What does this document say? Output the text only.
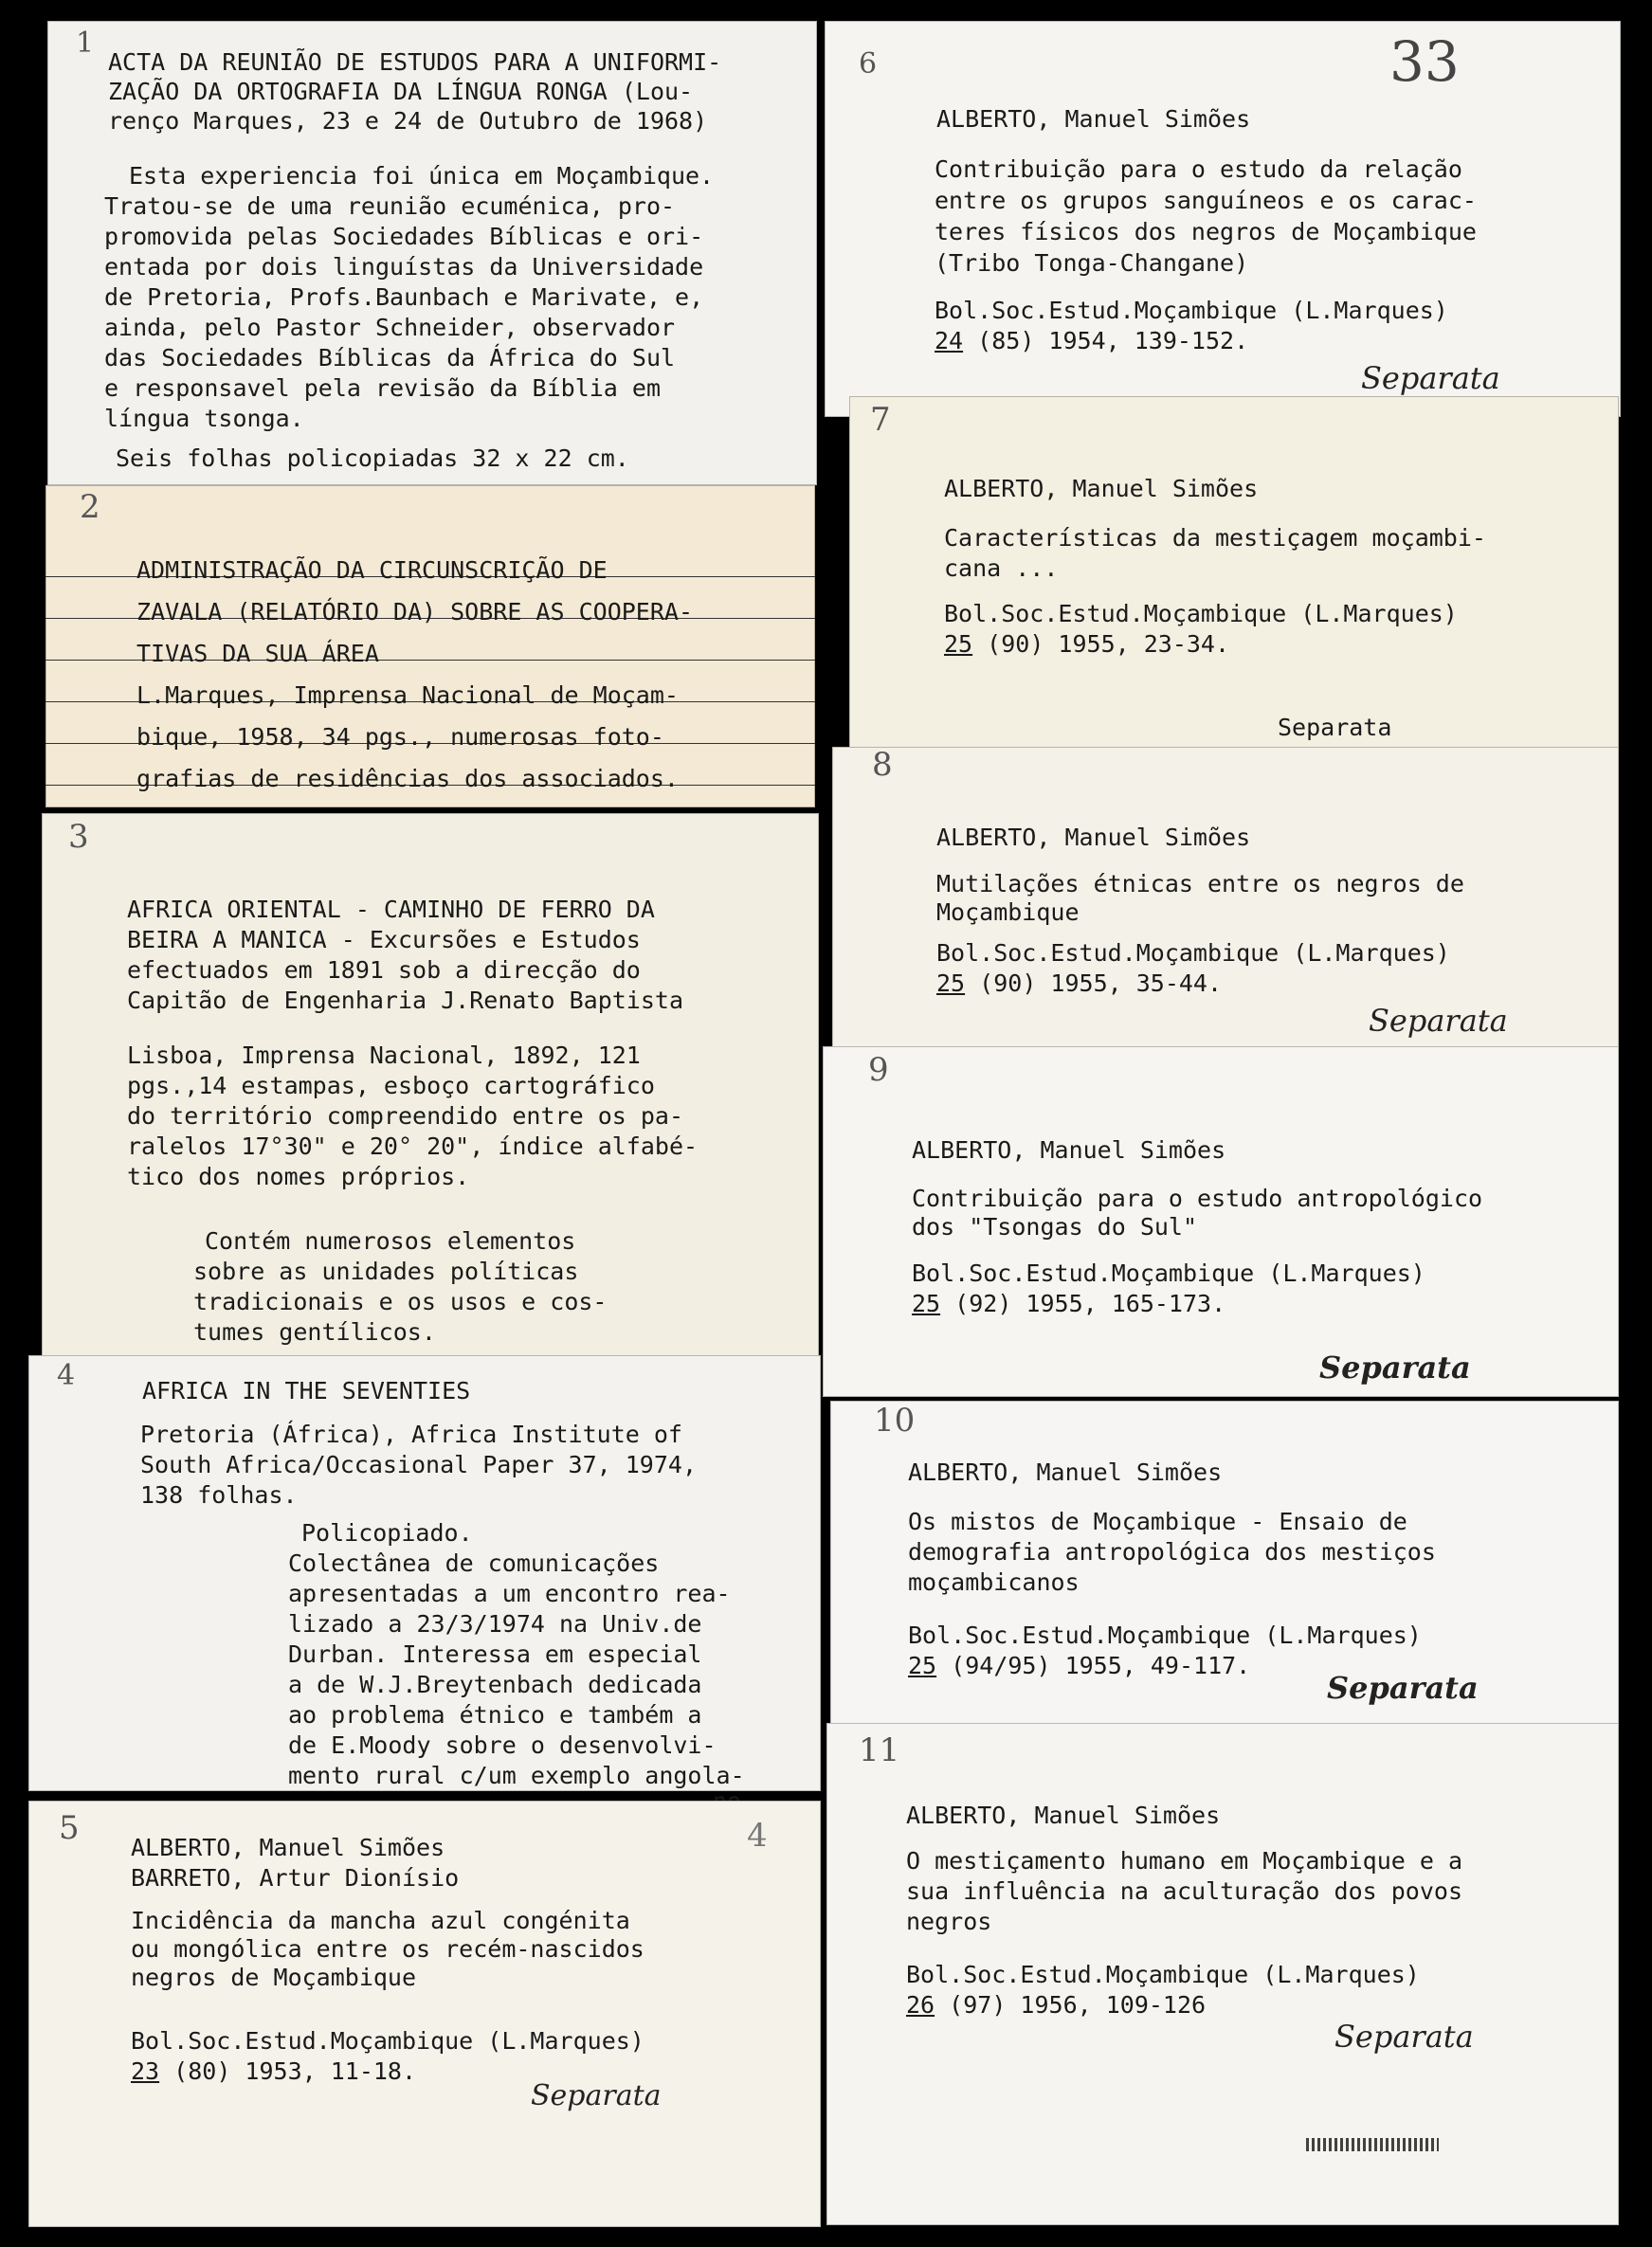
1

ACTA DA REUNIÃO DE ESTUDOS PARA A UNIFORMI-

ZAÇÃO DA ORTOGRAFIA DA LÍNGUA RONGA (Lou-

renço Marques, 23 e 24 de Outubro de 1968)

Esta experiencia foi única em Moçambique.

Tratou-se de uma reunião ecuménica, pro-

promovida pelas Sociedades Bíblicas e ori-

entada por dois linguístas da Universidade

de Pretoria, Profs.Baunbach e Marivate, e,

ainda, pelo Pastor Schneider, observador

das Sociedades Bíblicas da África do Sul

e responsavel pela revisão da Bíblia em

língua tsonga.

Seis folhas policopiadas 32 x 22 cm.

2

ADMINISTRAÇÃO DA CIRCUNSCRIÇÃO DE

ZAVALA (RELATÓRIO DA) SOBRE AS COOPERA-

TIVAS DA SUA ÁREA

L.Marques, Imprensa Nacional de Moçam-

bique, 1958, 34 pgs., numerosas foto-

grafias de residências dos associados.

3

AFRICA ORIENTAL - CAMINHO DE FERRO DA

BEIRA A MANICA - Excursões e Estudos

efectuados em 1891 sob a direcção do

Capitão de Engenharia J.Renato Baptista

Lisboa, Imprensa Nacional, 1892, 121

pgs.,14 estampas, esboço cartográfico

do território compreendido entre os pa-

ralelos 17°30" e 20° 20", índice alfabé-

tico dos nomes próprios.

Contém numerosos elementos

sobre as unidades políticas

tradicionais e os usos e cos-

tumes gentílicos.

4	AFRICA IN THE SEVENTIES

Pretoria (África), Africa Institute of

South Africa/Occasional Paper 37, 1974,

138 folhas.

Policopiado.

Colectânea de comunicações

apresentadas a um encontro rea-

lizado a 23/3/1974 na Univ.de

Durban. Interessa em especial

a de W.J.Breytenbach dedicada

ao problema étnico e também a

de E.Moody sobre o desenvolvi-

mento rural c/um exemplo angola-

5	4

ALBERTO, Manuel Simões

BARRETO, Artur Dionísio

Incidência da mancha azul congénita

ou mongólica entre os recém-nascidos

negros de Moçambique

Bol.Soc.Estud.Moçambique (L.Marques)

23 (80) 1953, 11-18.

Separata
6	33

ALBERTO, Manuel Simões

Contribuição para o estudo da relação

entre os grupos sanguíneos e os carac-

teres físicos dos negros de Moçambique

(Tribo Tonga-Changane)

Bol.Soc.Estud.Moçambique (L.Marques)

24 (85) 1954, 139-152.

Separata
7

ALBERTO, Manuel Simões

Características da mestiçagem moçambi-

cana ...

Bol.Soc.Estud.Moçambique (L.Marques)

25 (90) 1955, 23-34.

Separata

8

ALBERTO, Manuel Simões

Mutilações étnicas entre os negros de

Moçambique

Bol.Soc.Estud.Moçambique (L.Marques)

25 (90) 1955, 35-44.

Separata
9

ALBERTO, Manuel Simões

Contribuição para o estudo antropológico

dos "Tsongas do Sul"

Bol.Soc.Estud.Moçambique (L.Marques)

25 (92) 1955, 165-173.

Separata
10

ALBERTO, Manuel Simões

Os mistos de Moçambique - Ensaio de

demografia antropológica dos mestiços

moçambicanos

Bol.Soc.Estud.Moçambique (L.Marques)

25 (94/95) 1955, 49-117.

Separata
11

ALBERTO, Manuel Simões

O mestiçamento humano em Moçambique e a

sua influência na aculturação dos povos

negros

Bol.Soc.Estud.Moçambique (L.Marques)

26 (97) 1956, 109-126

Separata
